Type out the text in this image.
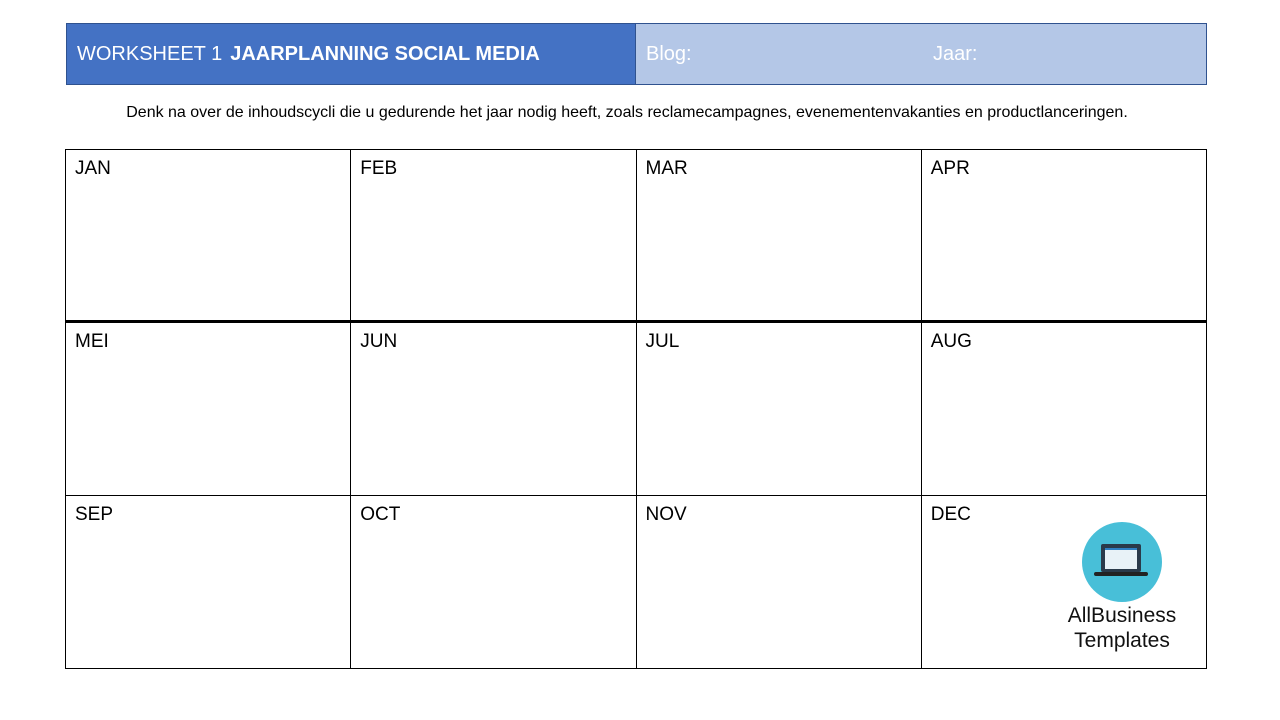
WORKSHEET 1 JAARPLANNING SOCIAL MEDIA	Blog:	Jaar:
Denk na over de inhoudscycli die u gedurende het jaar nodig heeft, zoals reclamecampagnes, evenementenvakanties en productlanceringen.
JAN	FEB	MAR	APR
MEI	JUN	JUL	AUG
SEP	OCT	NOV	DEC
AllBusiness
Templates
